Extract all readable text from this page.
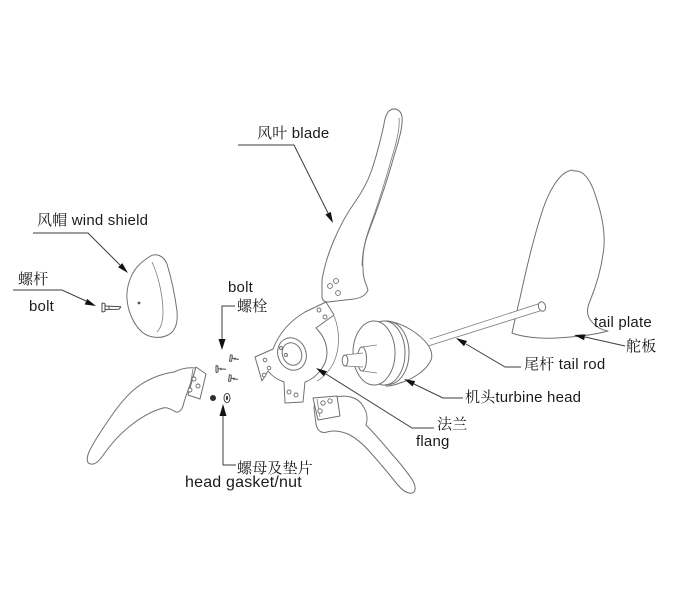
风叶 blade
风帽 wind shield
螺杆
bolt
bolt
螺栓
tail plate
舵板
尾杆 tail rod
机头turbine head
法兰
flang
螺母及垫片
head gasket/nut
